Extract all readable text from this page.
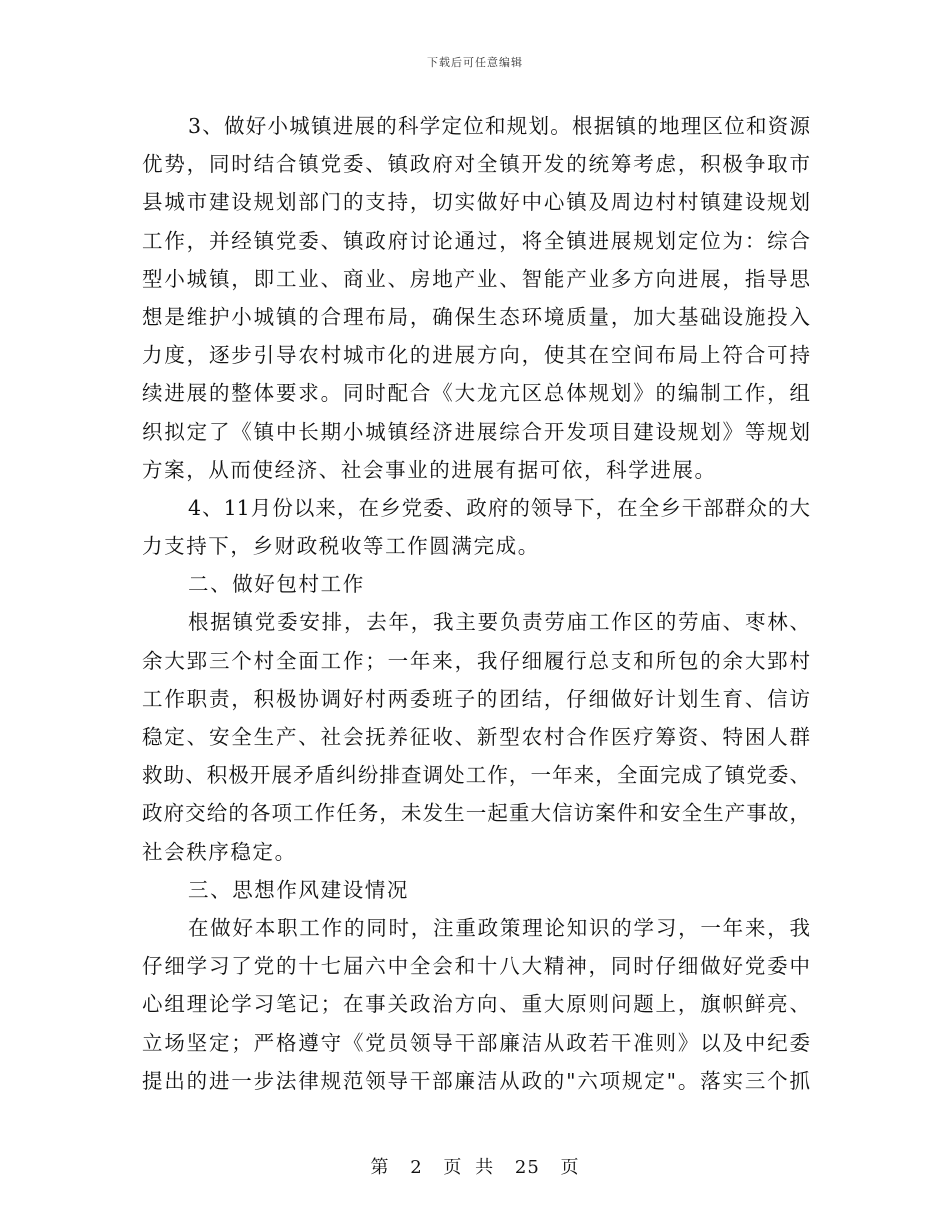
下载后可任意编辑
3、做好小城镇进展的科学定位和规划。根据镇的地理区位和资源
优势，同时结合镇党委、镇政府对全镇开发的统筹考虑，积极争取市
县城市建设规划部门的支持，切实做好中心镇及周边村村镇建设规划
工作，并经镇党委、镇政府讨论通过，将全镇进展规划定位为：综合
型小城镇，即工业、商业、房地产业、智能产业多方向进展，指导思
想是维护小城镇的合理布局，确保生态环境质量，加大基础设施投入
力度，逐步引导农村城市化的进展方向，使其在空间布局上符合可持
续进展的整体要求。同时配合《大龙亢区总体规划》的编制工作，组
织拟定了《镇中长期小城镇经济进展综合开发项目建设规划》等规划
方案，从而使经济、社会事业的进展有据可依，科学进展。
4、11月份以来，在乡党委、政府的领导下，在全乡干部群众的大
力支持下，乡财政税收等工作圆满完成。
二、做好包村工作
根据镇党委安排，去年，我主要负责劳庙工作区的劳庙、枣林、
余大郢三个村全面工作；一年来，我仔细履行总支和所包的余大郢村
工作职责，积极协调好村两委班子的团结，仔细做好计划生育、信访
稳定、安全生产、社会抚养征收、新型农村合作医疗筹资、特困人群
救助、积极开展矛盾纠纷排查调处工作，一年来，全面完成了镇党委、
政府交给的各项工作任务，未发生一起重大信访案件和安全生产事故，
社会秩序稳定。
三、思想作风建设情况
在做好本职工作的同时，注重政策理论知识的学习，一年来，我
仔细学习了党的十七届六中全会和十八大精神，同时仔细做好党委中
心组理论学习笔记；在事关政治方向、重大原则问题上，旗帜鲜亮、
立场坚定；严格遵守《党员领导干部廉洁从政若干准则》以及中纪委
提出的进一步法律规范领导干部廉洁从政的"六项规定"。落实三个抓
第 2 页 共 25 页
